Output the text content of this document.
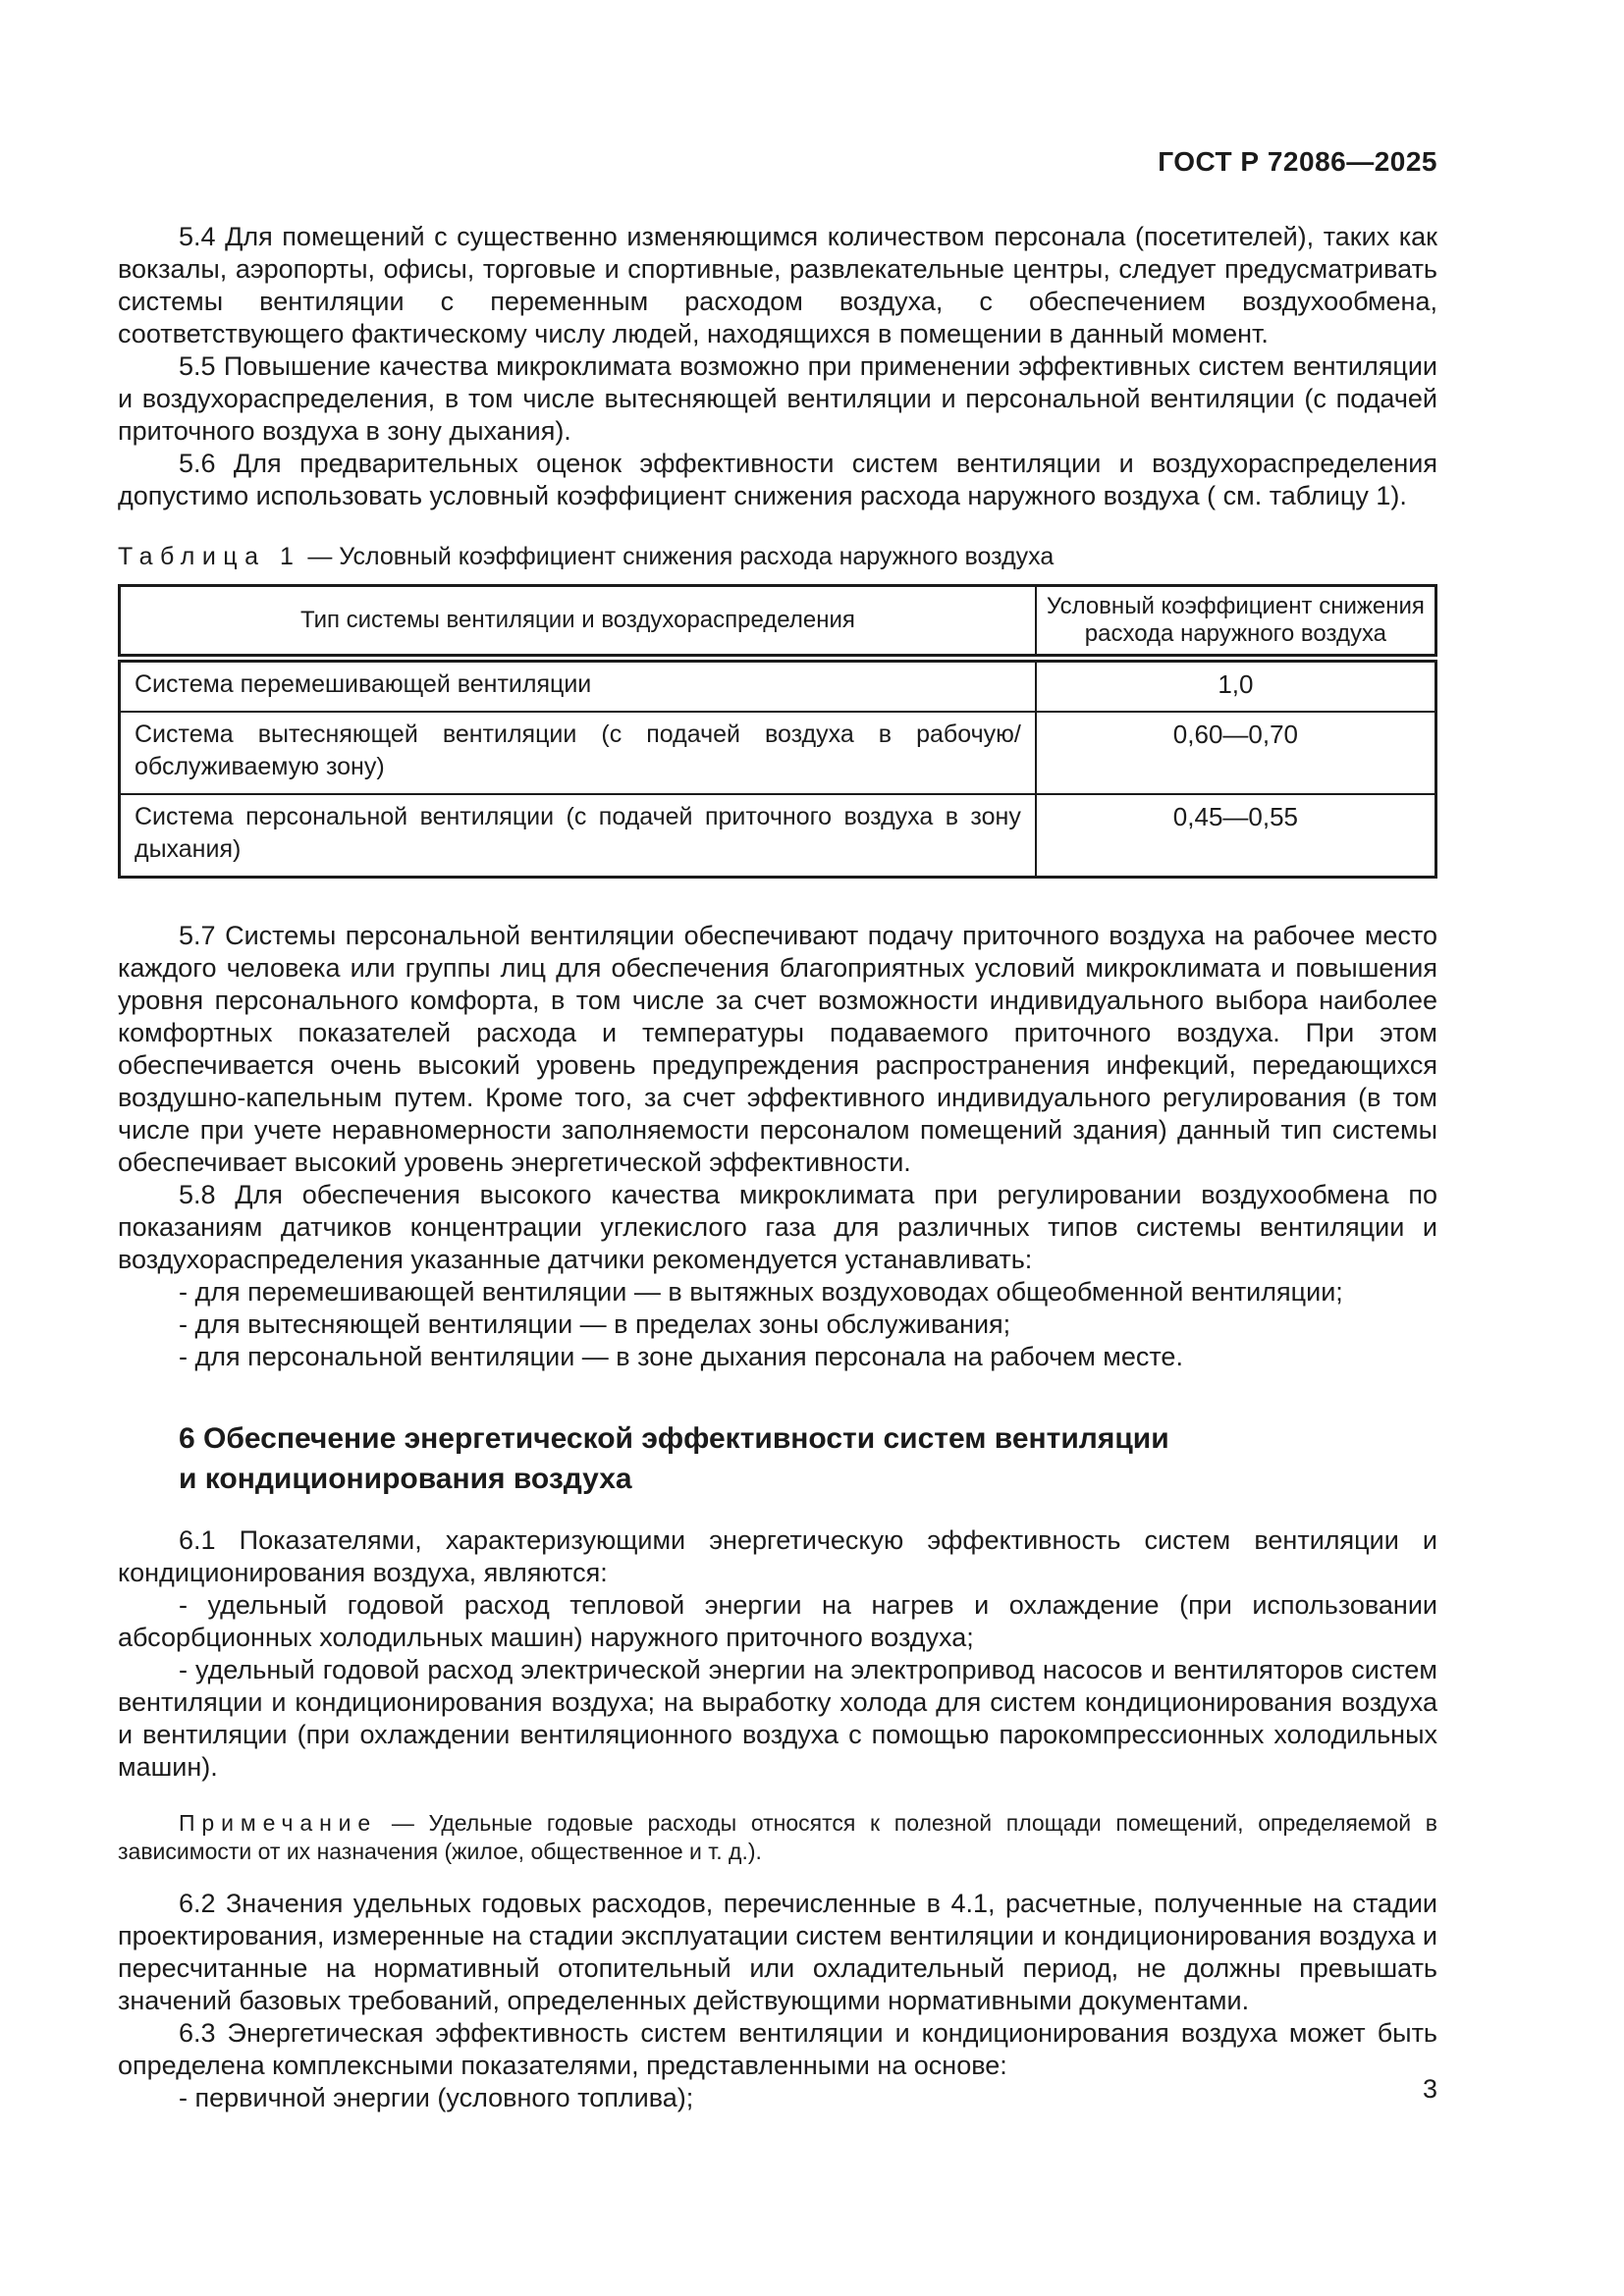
ГОСТ Р 72086—2025

5.4 Для помещений с существенно изменяющимся количеством персонала (посетителей), таких как вокзалы, аэропорты, офисы, торговые и спортивные, развлекательные центры, следует предусматривать системы вентиляции с переменным расходом воздуха, с обеспечением воздухообмена, соответствующего фактическому числу людей, находящихся в помещении в данный момент.

5.5 Повышение качества микроклимата возможно при применении эффективных систем вентиляции и воздухораспределения, в том числе вытесняющей вентиляции и персональной вентиляции (с подачей приточного воздуха в зону дыхания).

5.6 Для предварительных оценок эффективности систем вентиляции и воздухораспределения допустимо использовать условный коэффициент снижения расхода наружного воздуха ( см. таблицу 1).

Таблица 1 — Условный коэффициент снижения расхода наружного воздуха

Тип системы вентиляции и воздухораспределения	Условный коэффициент снижения расхода наружного воздуха
Система перемешивающей вентиляции	1,0
Система вытесняющей вентиляции (с подачей воздуха в рабочую/обслуживаемую зону)	0,60—0,70
Система персональной вентиляции (с подачей приточного воздуха в зону дыхания)	0,45—0,55

5.7 Системы персональной вентиляции обеспечивают подачу приточного воздуха на рабочее место каждого человека или группы лиц для обеспечения благоприятных условий микроклимата и повышения уровня персонального комфорта, в том числе за счет возможности индивидуального выбора наиболее комфортных показателей расхода и температуры подаваемого приточного воздуха. При этом обеспечивается очень высокий уровень предупреждения распространения инфекций, передающихся воздушно-капельным путем. Кроме того, за счет эффективного индивидуального регулирования (в том числе при учете неравномерности заполняемости персоналом помещений здания) данный тип системы обеспечивает высокий уровень энергетической эффективности.

5.8 Для обеспечения высокого качества микроклимата при регулировании воздухообмена по показаниям датчиков концентрации углекислого газа для различных типов системы вентиляции и воздухораспределения указанные датчики рекомендуется устанавливать:

- для перемешивающей вентиляции — в вытяжных воздуховодах общеобменной вентиляции;

- для вытесняющей вентиляции — в пределах зоны обслуживания;

- для персональной вентиляции — в зоне дыхания персонала на рабочем месте.

6 Обеспечение энергетической эффективности систем вентиляции
и кондиционирования воздуха

6.1 Показателями, характеризующими энергетическую эффективность систем вентиляции и кондиционирования воздуха, являются:

- удельный годовой расход тепловой энергии на нагрев и охлаждение (при использовании абсорбционных холодильных машин) наружного приточного воздуха;

- удельный годовой расход электрической энергии на электропривод насосов и вентиляторов систем вентиляции и кондиционирования воздуха; на выработку холода для систем кондиционирования воздуха и вентиляции (при охлаждении вентиляционного воздуха с помощью парокомпрессионных холодильных машин).

Примечание — Удельные годовые расходы относятся к полезной площади помещений, определяемой в зависимости от их назначения (жилое, общественное и т. д.).

6.2 Значения удельных годовых расходов, перечисленные в 4.1, расчетные, полученные на стадии проектирования, измеренные на стадии эксплуатации систем вентиляции и кондиционирования воздуха и пересчитанные на нормативный отопительный или охладительный период, не должны превышать значений базовых требований, определенных действующими нормативными документами.

6.3 Энергетическая эффективность систем вентиляции и кондиционирования воздуха может быть определена комплексными показателями, представленными на основе:

- первичной энергии (условного топлива);	3
